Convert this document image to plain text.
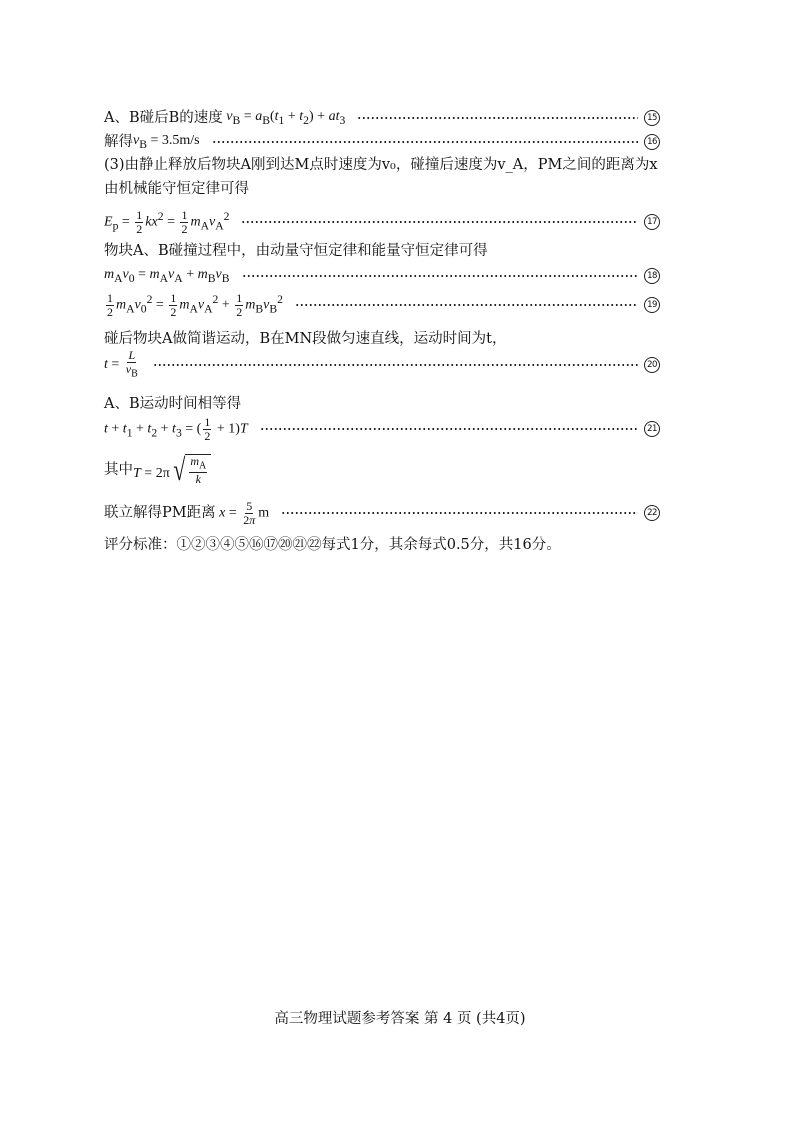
A、B碰后B的速度 $v_B = a_B(t_1 + t_2) + at_3$	15
解得 $v_B = 3.5m/s$	16
(3)由静止释放后物块A刚到达M点时速度为v₀，碰撞后速度为v_A，PM之间的距离为x
由机械能守恒定律可得
$E_p = \frac{1}{2} kx^2 = \frac{1}{2} m_Av_A^2$	17
物块A、B碰撞过程中，由动量守恒定律和能量守恒定律可得
$m_Av_0 = m_Av_A + m_Bv_B$	18
$\frac{1}{2} m_Av_0^2 = \frac{1}{2} m_Av_A^2 + \frac{1}{2} m_Bv_B^2$	19
碰后物块A做简谐运动，B在MN段做匀速直线，运动时间为t，
$t = \frac{L}{v_B}$	20
A、B运动时间相等得
$t + t_1 + t_2 + t_3$ = ( $\frac{1}{2} + 1)T$	21
其中 T = 2π √ $\frac{m_A}{k}$
联立解得PM距离 $x = \frac{5}{2\pi}$ m	22
评分标准：①②③④⑤⑯⑰⑳㉑㉒每式1分，其余每式0.5分，共16分。
高三物理试题参考答案 第 4 页 (共4页)
